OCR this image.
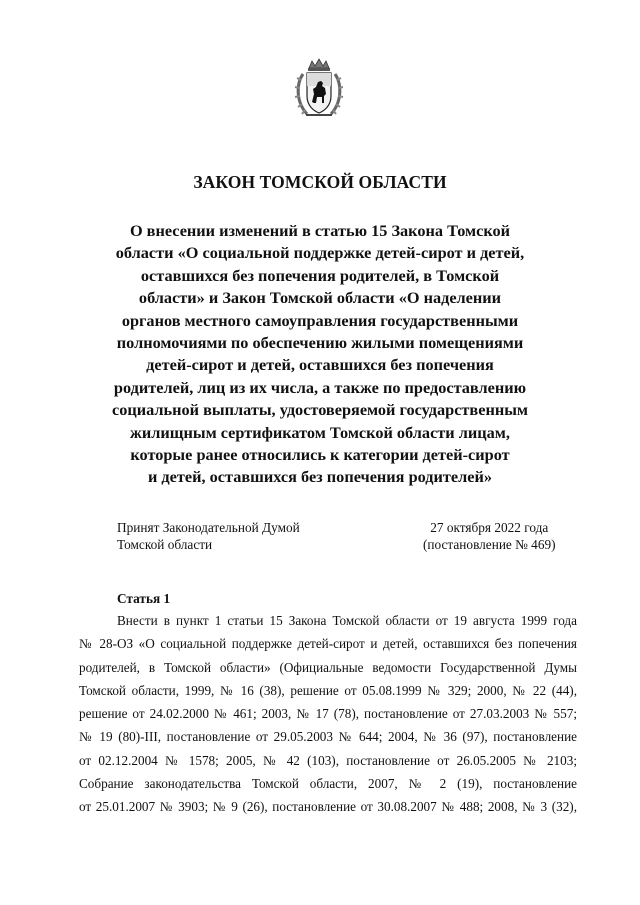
ЗАКОН ТОМСКОЙ ОБЛАСТИ
О внесении изменений в статью 15 Закона Томской
области «О социальной поддержке детей-сирот и детей,
оставшихся без попечения родителей, в Томской
области» и Закон Томской области «О наделении
органов местного самоуправления государственными
полномочиями по обеспечению жилыми помещениями
детей-сирот и детей, оставшихся без попечения
родителей, лиц из их числа, а также по предоставлению
социальной выплаты, удостоверяемой государственным
жилищным сертификатом Томской области лицам,
которые ранее относились к категории детей-сирот
и детей, оставшихся без попечения родителей»
Принят Законодательной Думой
Томской области
27 октября 2022 года
(постановление № 469)
Статья 1
Внести в пункт 1 статьи 15 Закона Томской области от 19 августа 1999 года
№ 28-ОЗ «О социальной поддержке детей-сирот и детей, оставшихся без попечения
родителей, в Томской области» (Официальные ведомости Государственной Думы
Томской области, 1999, № 16 (38), решение от 05.08.1999 № 329; 2000, № 22 (44),
решение от 24.02.2000 № 461; 2003, № 17 (78), постановление от 27.03.2003 № 557;
№ 19 (80)-III, постановление от 29.05.2003 № 644; 2004, № 36 (97), постановление
от 02.12.2004 № 1578; 2005, № 42 (103), постановление от 26.05.2005 № 2103;
Собрание законодательства Томской области, 2007, № 2 (19), постановление
от 25.01.2007 № 3903; № 9 (26), постановление от 30.08.2007 № 488; 2008, № 3 (32),
